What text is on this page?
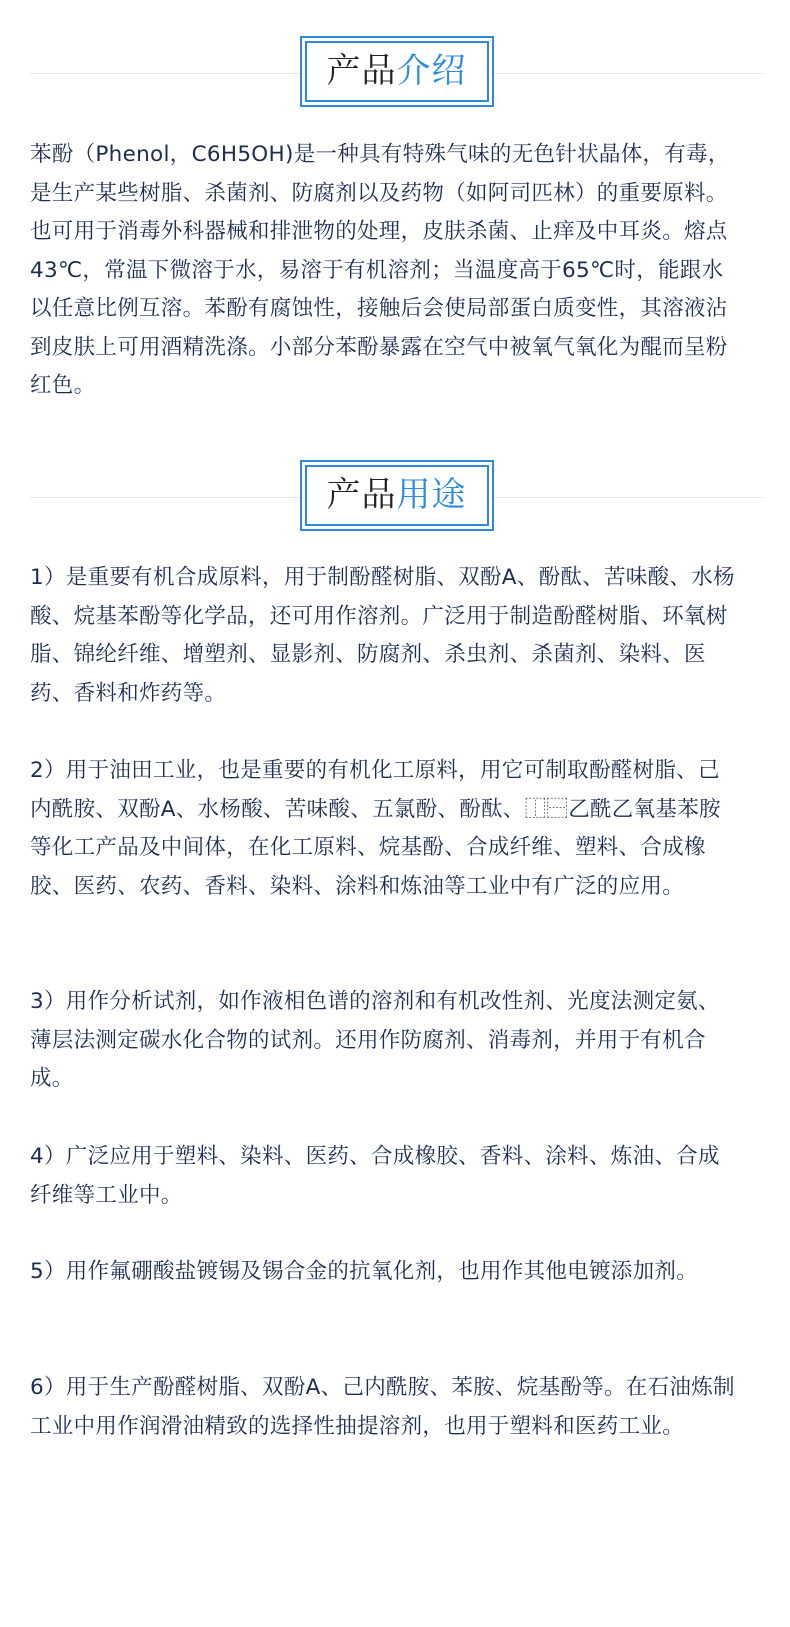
产品介绍

苯酚（Phenol，C6H5OH)是一种具有特殊气味的无色针状晶体，有毒，是生产某些树脂、杀菌剂、防腐剂以及药物（如阿司匹林）的重要原料。也可用于消毒外科器械和排泄物的处理，皮肤杀菌、止痒及中耳炎。熔点43℃，常温下微溶于水，易溶于有机溶剂；当温度高于65℃时，能跟水以任意比例互溶。苯酚有腐蚀性，接触后会使局部蛋白质变性，其溶液沾到皮肤上可用酒精洗涤。小部分苯酚暴露在空气中被氧气氧化为醌而呈粉红色。

产品用途

1）是重要有机合成原料，用于制酚醛树脂、双酚A、酚酞、苦味酸、水杨酸、烷基苯酚等化学品，还可用作溶剂。广泛用于制造酚醛树脂、环氧树脂、锦纶纤维、增塑剂、显影剂、防腐剂、杀虫剂、杀菌剂、染料、医药、香料和炸药等。

2）用于油田工业，也是重要的有机化工原料，用它可制取酚醛树脂、己内酰胺、双酚A、水杨酸、苦味酸、五氯酚、酚酞、⿰⿱乙酰乙氧基苯胺等化工产品及中间体，在化工原料、烷基酚、合成纤维、塑料、合成橡胶、医药、农药、香料、染料、涂料和炼油等工业中有广泛的应用。

3）用作分析试剂，如作液相色谱的溶剂和有机改性剂、光度法测定氨、薄层法测定碳水化合物的试剂。还用作防腐剂、消毒剂，并用于有机合成。

4）广泛应用于塑料、染料、医药、合成橡胶、香料、涂料、炼油、合成纤维等工业中。

5）用作氟硼酸盐镀锡及锡合金的抗氧化剂，也用作其他电镀添加剂。

6）用于生产酚醛树脂、双酚A、己内酰胺、苯胺、烷基酚等。在石油炼制工业中用作润滑油精致的选择性抽提溶剂，也用于塑料和医药工业。
